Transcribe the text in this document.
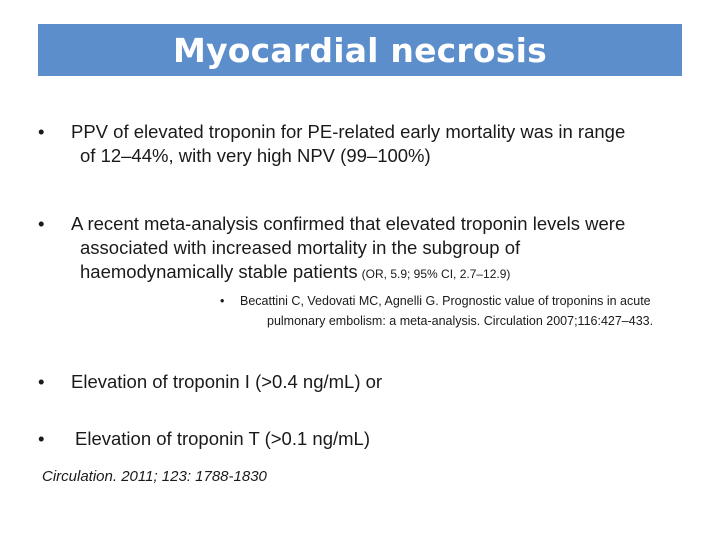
Myocardial necrosis
•	PPV of elevated troponin for PE-related early mortality was in range
of 12–44%, with very high NPV (99–100%)
•	A recent meta-analysis confirmed that elevated troponin levels were
associated with increased mortality in the subgroup of
haemodynamically stable patients (OR, 5.9; 95% CI, 2.7–12.9)
•	Becattini C, Vedovati MC, Agnelli G. Prognostic value of troponins in acute
pulmonary embolism: a meta-analysis. Circulation 2007;116:427–433.
•	Elevation of troponin I (>0.4 ng/mL) or
•	Elevation of troponin T (>0.1 ng/mL)
Circulation. 2011; 123: 1788-1830
